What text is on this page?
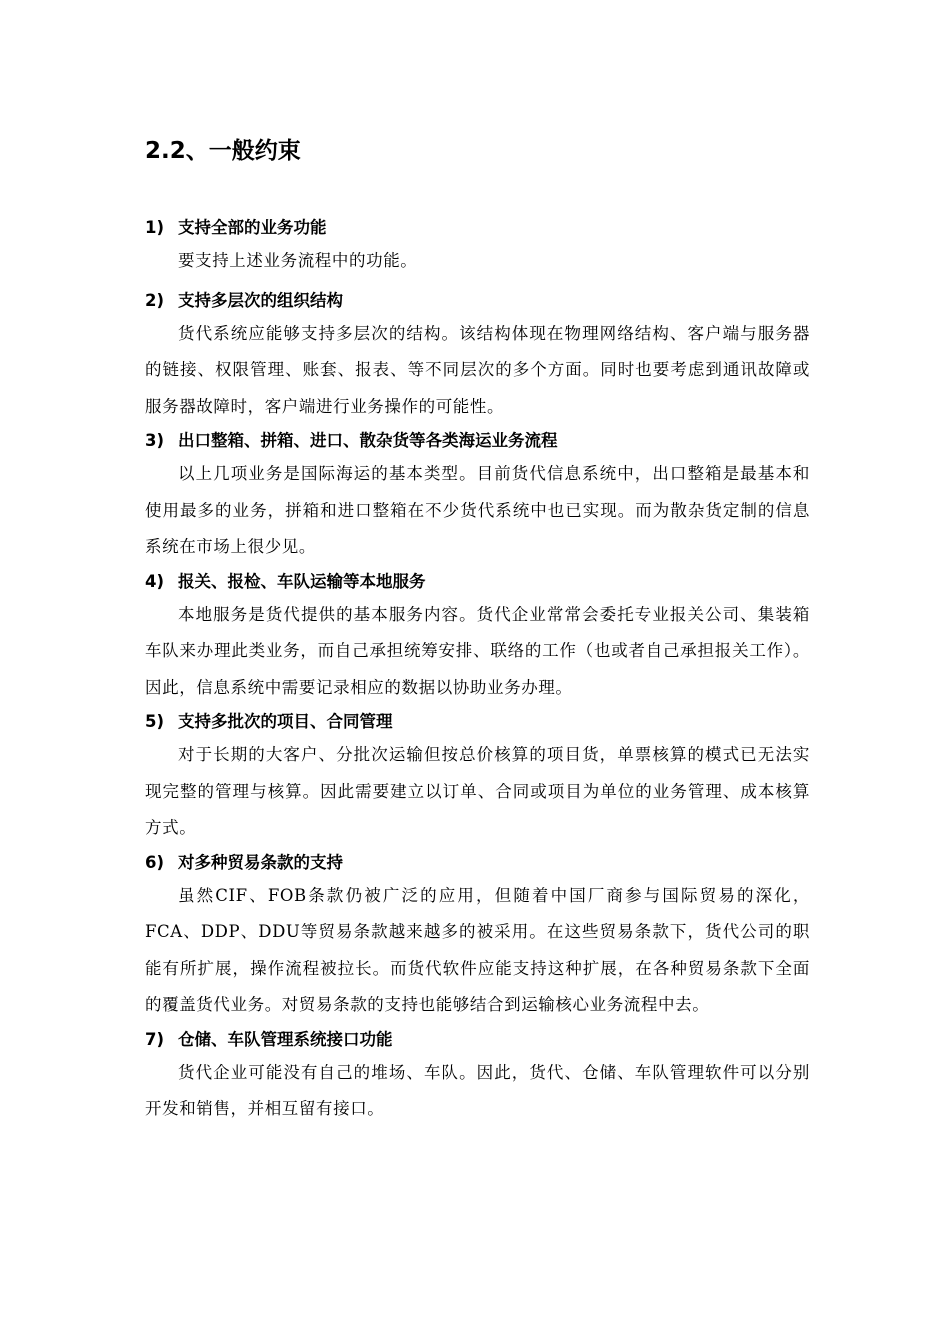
2.2、一般约束

1) 支持全部的业务功能

要支持上述业务流程中的功能。

2) 支持多层次的组织结构

货代系统应能够支持多层次的结构。该结构体现在物理网络结构、客户端与服务器的链接、权限管理、账套、报表、等不同层次的多个方面。同时也要考虑到通讯故障或服务器故障时，客户端进行业务操作的可能性。

3) 出口整箱、拼箱、进口、散杂货等各类海运业务流程

以上几项业务是国际海运的基本类型。目前货代信息系统中，出口整箱是最基本和使用最多的业务，拼箱和进口整箱在不少货代系统中也已实现。而为散杂货定制的信息系统在市场上很少见。

4) 报关、报检、车队运输等本地服务

本地服务是货代提供的基本服务内容。货代企业常常会委托专业报关公司、集装箱车队来办理此类业务，而自己承担统筹安排、联络的工作（也或者自己承担报关工作）。因此，信息系统中需要记录相应的数据以协助业务办理。

5) 支持多批次的项目、合同管理

对于长期的大客户、分批次运输但按总价核算的项目货，单票核算的模式已无法实现完整的管理与核算。因此需要建立以订单、合同或项目为单位的业务管理、成本核算方式。

6) 对多种贸易条款的支持

虽然CIF、FOB条款仍被广泛的应用，但随着中国厂商参与国际贸易的深化，FCA、DDP、DDU等贸易条款越来越多的被采用。在这些贸易条款下，货代公司的职能有所扩展，操作流程被拉长。而货代软件应能支持这种扩展，在各种贸易条款下全面的覆盖货代业务。对贸易条款的支持也能够结合到运输核心业务流程中去。

7) 仓储、车队管理系统接口功能

货代企业可能没有自己的堆场、车队。因此，货代、仓储、车队管理软件可以分别开发和销售，并相互留有接口。
